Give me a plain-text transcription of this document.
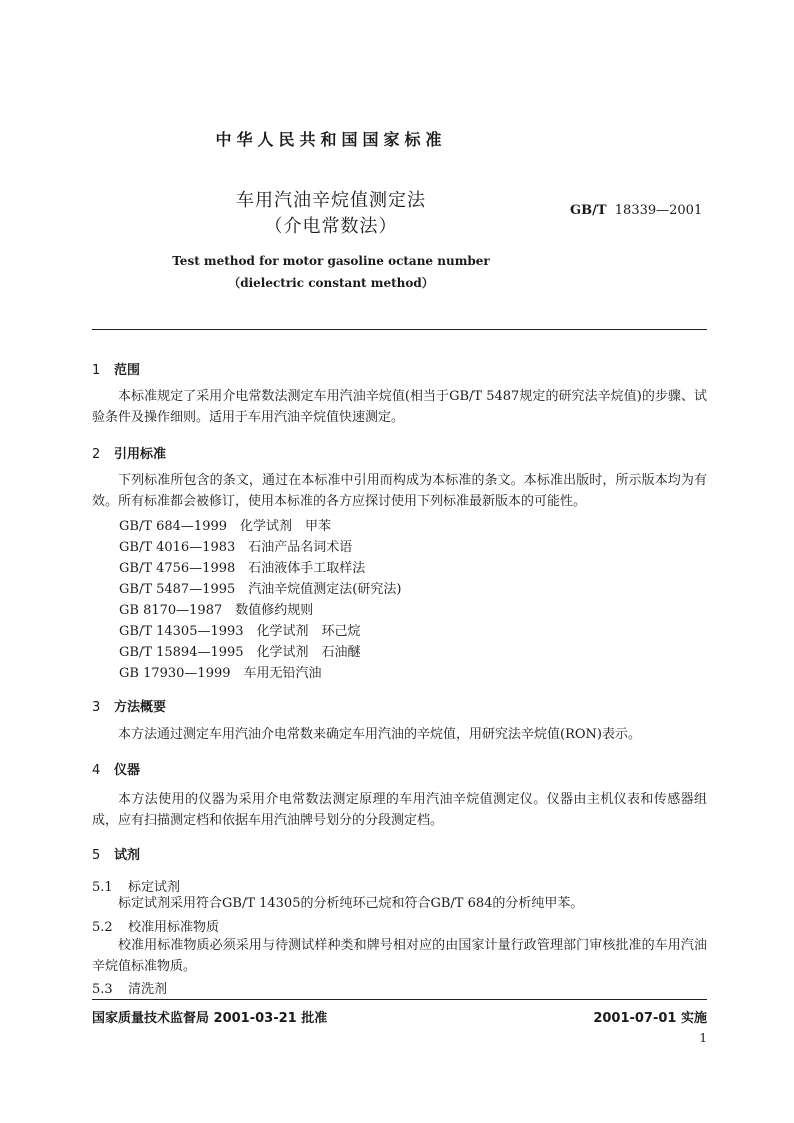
中华人民共和国国家标准
车用汽油辛烷值测定法
（介电常数法）
GB/T 18339—2001
Test method for motor gasoline octane number
（dielectric constant method）
1 范围
本标准规定了采用介电常数法测定车用汽油辛烷值(相当于GB/T 5487规定的研究法辛烷值)的步骤、试验条件及操作细则。适用于车用汽油辛烷值快速测定。
2 引用标准
下列标准所包含的条文，通过在本标准中引用而构成为本标准的条文。本标准出版时，所示版本均为有效。所有标准都会被修订，使用本标准的各方应探讨使用下列标准最新版本的可能性。
GB/T 684—1999　化学试剂　甲苯
GB/T 4016—1983　石油产品名词术语
GB/T 4756—1998　石油液体手工取样法
GB/T 5487—1995　汽油辛烷值测定法(研究法)
GB 8170—1987　数值修约规则
GB/T 14305—1993　化学试剂　环己烷
GB/T 15894—1995　化学试剂　石油醚
GB 17930—1999　车用无铅汽油
3 方法概要
本方法通过测定车用汽油介电常数来确定车用汽油的辛烷值，用研究法辛烷值(RON)表示。
4 仪器
本方法使用的仪器为采用介电常数法测定原理的车用汽油辛烷值测定仪。仪器由主机仪表和传感器组成，应有扫描测定档和依据车用汽油牌号划分的分段测定档。
5 试剂
5.1 标定试剂
标定试剂采用符合GB/T 14305的分析纯环己烷和符合GB/T 684的分析纯甲苯。
5.2 校准用标准物质
校准用标准物质必须采用与待测试样种类和牌号相对应的由国家计量行政管理部门审核批准的车用汽油辛烷值标准物质。
5.3 清洗剂
国家质量技术监督局 2001-03-21 批准	2001-07-01 实施
1
